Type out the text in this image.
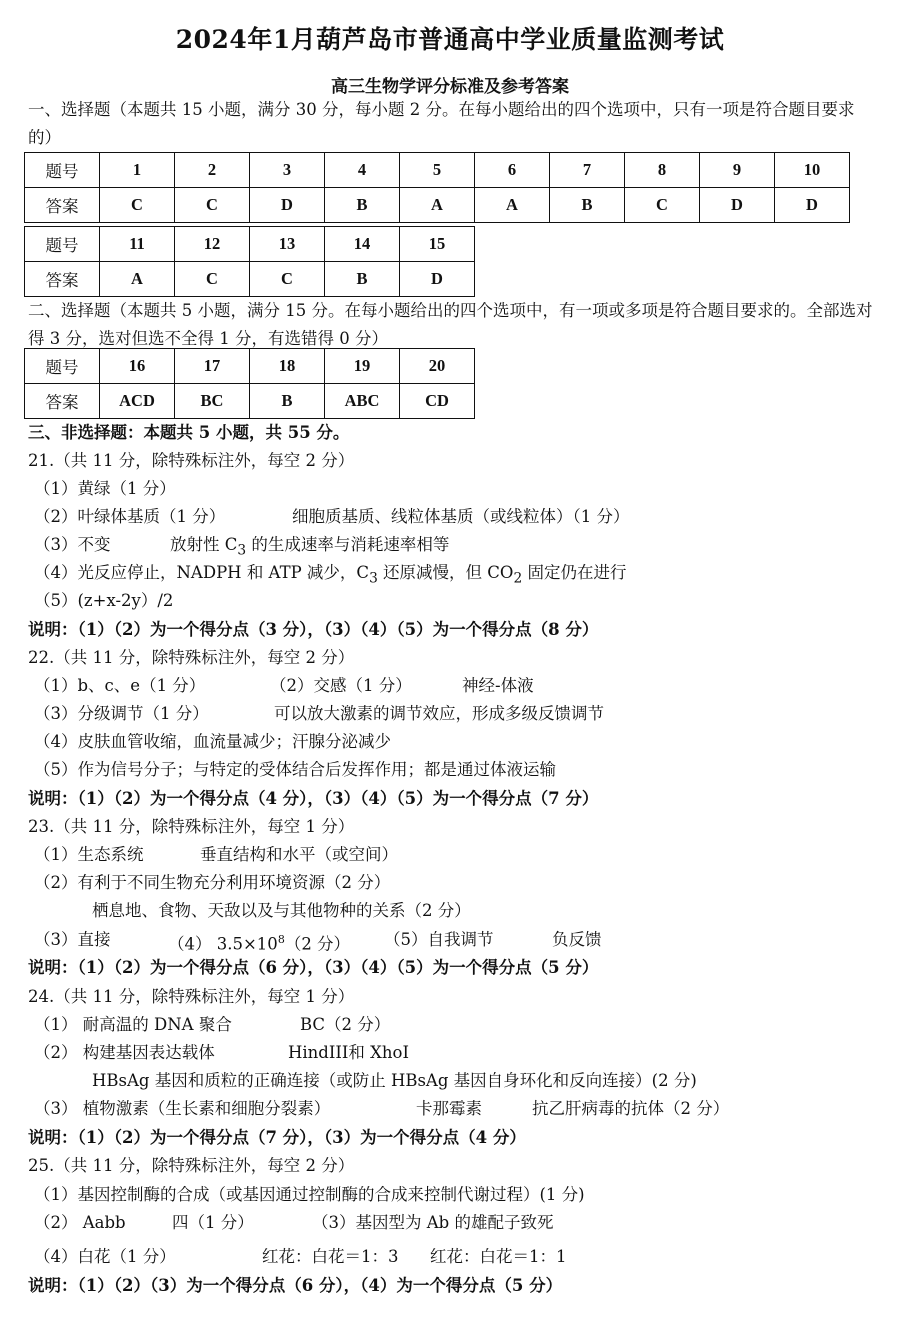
2024年1月葫芦岛市普通高中学业质量监测考试
高三生物学评分标准及参考答案
一、选择题（本题共 15 小题，满分 30 分，每小题 2 分。在每小题给出的四个选项中，只有一项是符合题目要求的）
题号	1	2	3	4	5	6	7	8	9	10
答案	C	C	D	B	A	A	B	C	D	D
题号	11	12	13	14	15
答案	A	C	C	B	D
二、选择题（本题共 5 小题，满分 15 分。在每小题给出的四个选项中，有一项或多项是符合题目要求的。全部选对得 3 分，选对但选不全得 1 分，有选错得 0 分）
题号	16	17	18	19	20
答案	ACD	BC	B	ABC	CD
三、非选择题：本题共 5 小题，共 55 分。
21.（共 11 分，除特殊标注外，每空 2 分）
（1）黄绿（1 分）
（2）叶绿体基质（1 分）	细胞质基质、线粒体基质（或线粒体）（1 分）
（3）不变	放射性 $C_3$ 的生成速率与消耗速率相等
（4）光反应停止，NADPH 和 ATP 减少，$C_3$ 还原减慢，但 $CO_2$ 固定仍在进行
（5）(z+x-2y）/2
说明：（1）（2）为一个得分点（3 分），（3）（4）（5）为一个得分点（8 分）
22.（共 11 分，除特殊标注外，每空 2 分）
（1）b、c、e（1 分）	（2）交感（1 分）	神经-体液
（3）分级调节（1 分）	可以放大激素的调节效应，形成多级反馈调节
（4）皮肤血管收缩，血流量减少；汗腺分泌减少
（5）作为信号分子；与特定的受体结合后发挥作用；都是通过体液运输
说明：（1）（2）为一个得分点（4 分），（3）（4）（5）为一个得分点（7 分）
23.（共 11 分，除特殊标注外，每空 1 分）
（1）生态系统	垂直结构和水平（或空间）
（2）有利于不同生物充分利用环境资源（2 分）
栖息地、食物、天敌以及与其他物种的关系（2 分）
（3）直接	（4） $3.5\times 10^8(2$ 分） （5）自我调节	负反馈
说明：（1）（2）为一个得分点（6 分），（3）（4）（5）为一个得分点（5 分）
24.（共 11 分，除特殊标注外，每空 1 分）
（1） 耐高温的 DNA 聚合	BC（2 分）
（2） 构建基因表达载体	HindIII和 XhoI
HBsAg 基因和质粒的正确连接（或防止 HBsAg 基因自身环化和反向连接）(2 分)
（3） 植物激素（生长素和细胞分裂素）	卡那霉素	抗乙肝病毒的抗体（2 分）
说明：（1）（2）为一个得分点（7 分），（3）为一个得分点（4 分）
25.（共 11 分，除特殊标注外，每空 2 分）
（1）基因控制酶的合成（或基因通过控制酶的合成来控制代谢过程）(1 分)
（2） Aabb	四（1 分）	（3）基因型为 Ab 的雄配子致死
（4）白花（1 分）	红花：白花＝1：3 红花：白花＝1：1
说明：（1）（2）（3）为一个得分点（6 分），（4）为一个得分点（5 分）
